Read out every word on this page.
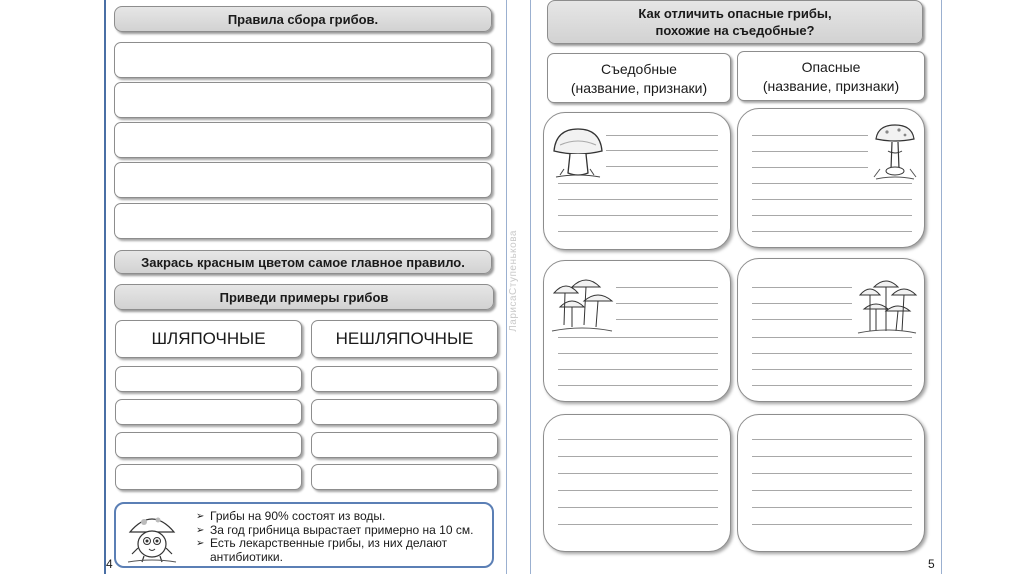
Правила сбора грибов.
Закрась красным цветом самое главное правило.
Приведи примеры грибов
ШЛЯПОЧНЫЕ	НЕШЛЯПОЧНЫЕ
➢ Грибы на 90% состоят из воды.
➢ За год грибница вырастает примерно на 10 см.
➢ Есть лекарственные грибы, из них делают антибиотики.
4
ЛарисаСтупенькова
Как отличить опасные грибы,
похожие на съедобные?
Съедобные
(название, признаки)
Опасные
(название, признаки)
5
